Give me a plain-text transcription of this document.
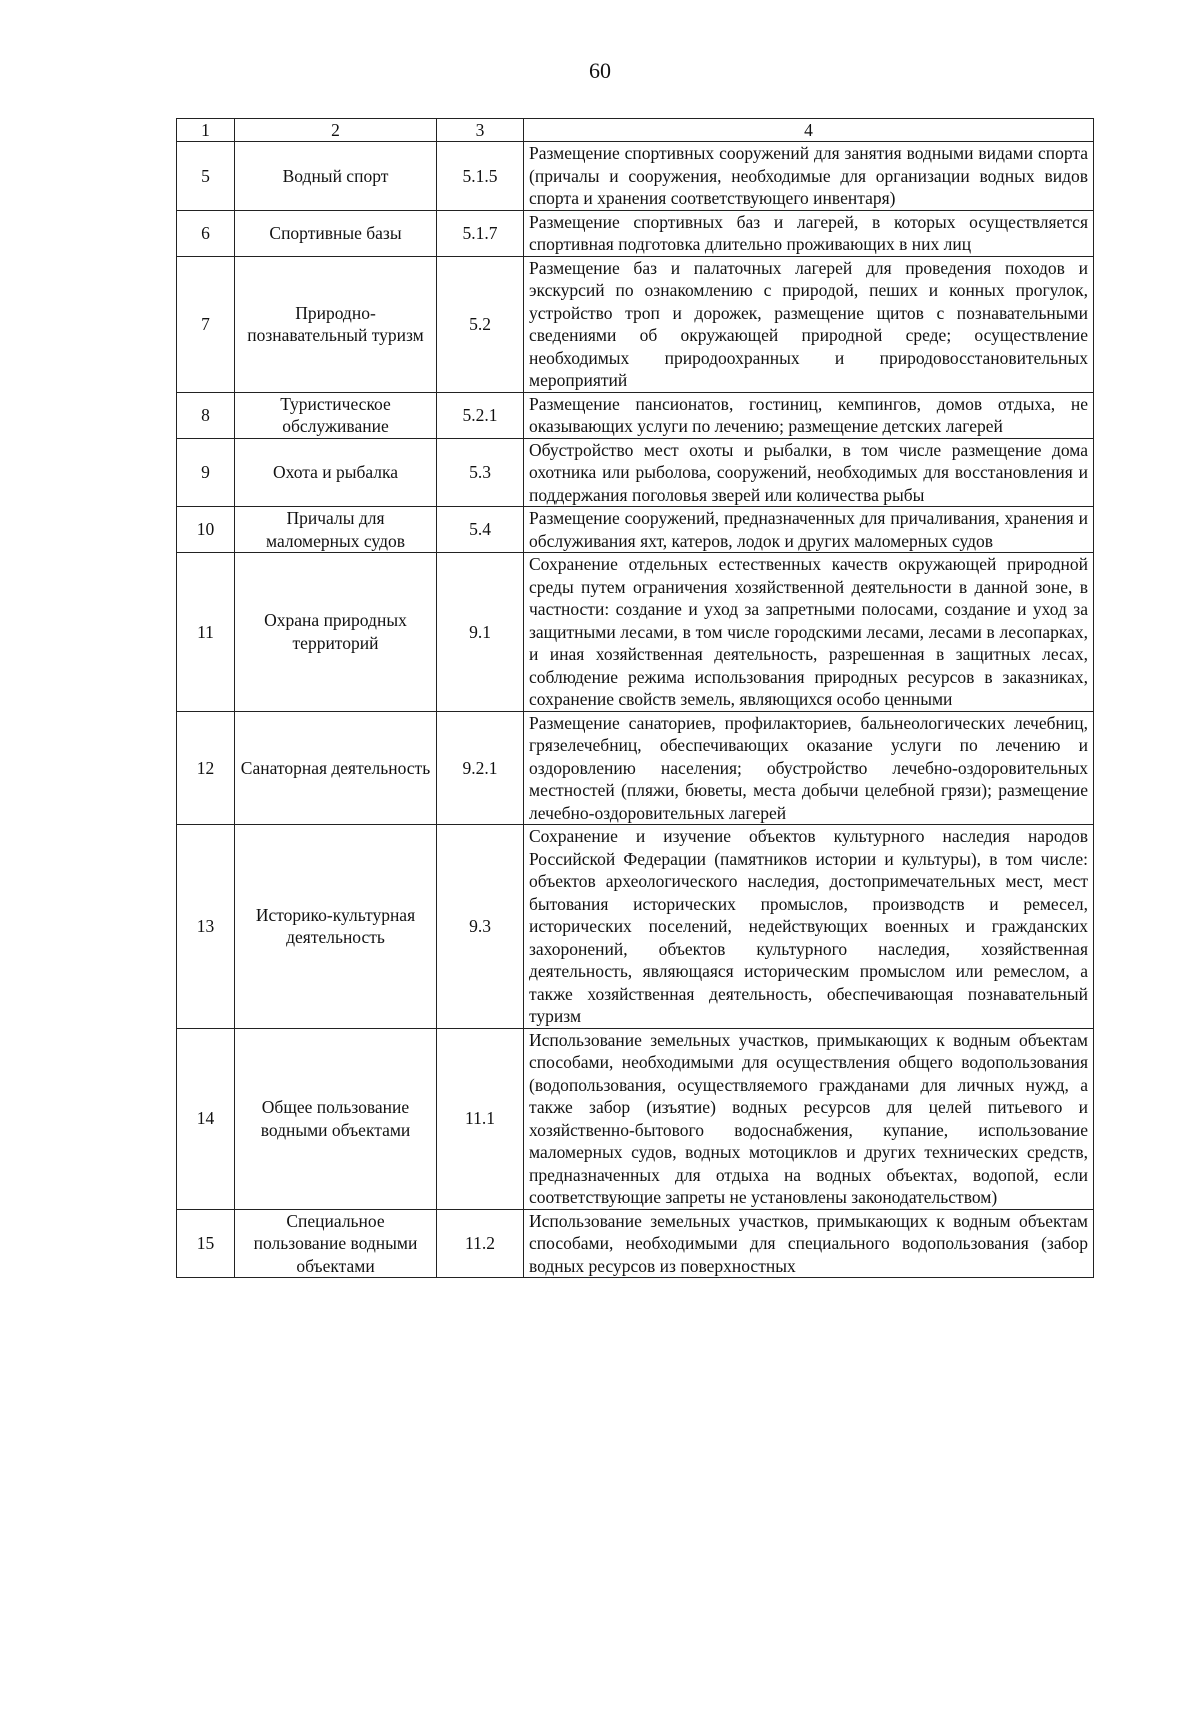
60
1	2	3	4
5	Водный спорт	5.1.5	Размещение спортивных сооружений для занятия водными видами спорта (причалы и сооружения, необходимые для организации водных видов спорта и хранения соответствующего инвентаря)
6	Спортивные базы	5.1.7	Размещение спортивных баз и лагерей, в которых осуществляется спортивная подготовка длительно проживающих в них лиц
7	Природно-познавательный туризм	5.2	Размещение баз и палаточных лагерей для проведения походов и экскурсий по ознакомлению с природой, пеших и конных прогулок, устройство троп и дорожек, размещение щитов с познавательными сведениями об окружающей природной среде; осуществление необходимых природоохранных и природовосстановительных мероприятий
8	Туристическое обслуживание	5.2.1	Размещение пансионатов, гостиниц, кемпингов, домов отдыха, не оказывающих услуги по лечению; размещение детских лагерей
9	Охота и рыбалка	5.3	Обустройство мест охоты и рыбалки, в том числе размещение дома охотника или рыболова, сооружений, необходимых для восстановления и поддержания поголовья зверей или количества рыбы
10	Причалы для маломерных судов	5.4	Размещение сооружений, предназначенных для причаливания, хранения и обслуживания яхт, катеров, лодок и других маломерных судов
11	Охрана природных территорий	9.1	Сохранение отдельных естественных качеств окружающей природной среды путем ограничения хозяйственной деятельности в данной зоне, в частности: создание и уход за запретными полосами, создание и уход за защитными лесами, в том числе городскими лесами, лесами в лесопарках, и иная хозяйственная деятельность, разрешенная в защитных лесах, соблюдение режима использования природных ресурсов в заказниках, сохранение свойств земель, являющихся особо ценными
12	Санаторная деятельность	9.2.1	Размещение санаториев, профилакториев, бальнеологических лечебниц, грязелечебниц, обеспечивающих оказание услуги по лечению и оздоровлению населения; обустройство лечебно-оздоровительных местностей (пляжи, бюветы, места добычи целебной грязи); размещение лечебно-оздоровительных лагерей
13	Историко-культурная деятельность	9.3	Сохранение и изучение объектов культурного наследия народов Российской Федерации (памятников истории и культуры), в том числе: объектов археологического наследия, достопримечательных мест, мест бытования исторических промыслов, производств и ремесел, исторических поселений, недействующих военных и гражданских захоронений, объектов культурного наследия, хозяйственная деятельность, являющаяся историческим промыслом или ремеслом, а также хозяйственная деятельность, обеспечивающая познавательный туризм
14	Общее пользование водными объектами	11.1	Использование земельных участков, примыкающих к водным объектам способами, необходимыми для осуществления общего водопользования (водопользования, осуществляемого гражданами для личных нужд, а также забор (изъятие) водных ресурсов для целей питьевого и хозяйственно-бытового водоснабжения, купание, использование маломерных судов, водных мотоциклов и других технических средств, предназначенных для отдыха на водных объектах, водопой, если соответствующие запреты не установлены законодательством)
15	Специальное пользование водными объектами	11.2	Использование земельных участков, примыкающих к водным объектам способами, необходимыми для специального водопользования (забор водных ресурсов из поверхностных
